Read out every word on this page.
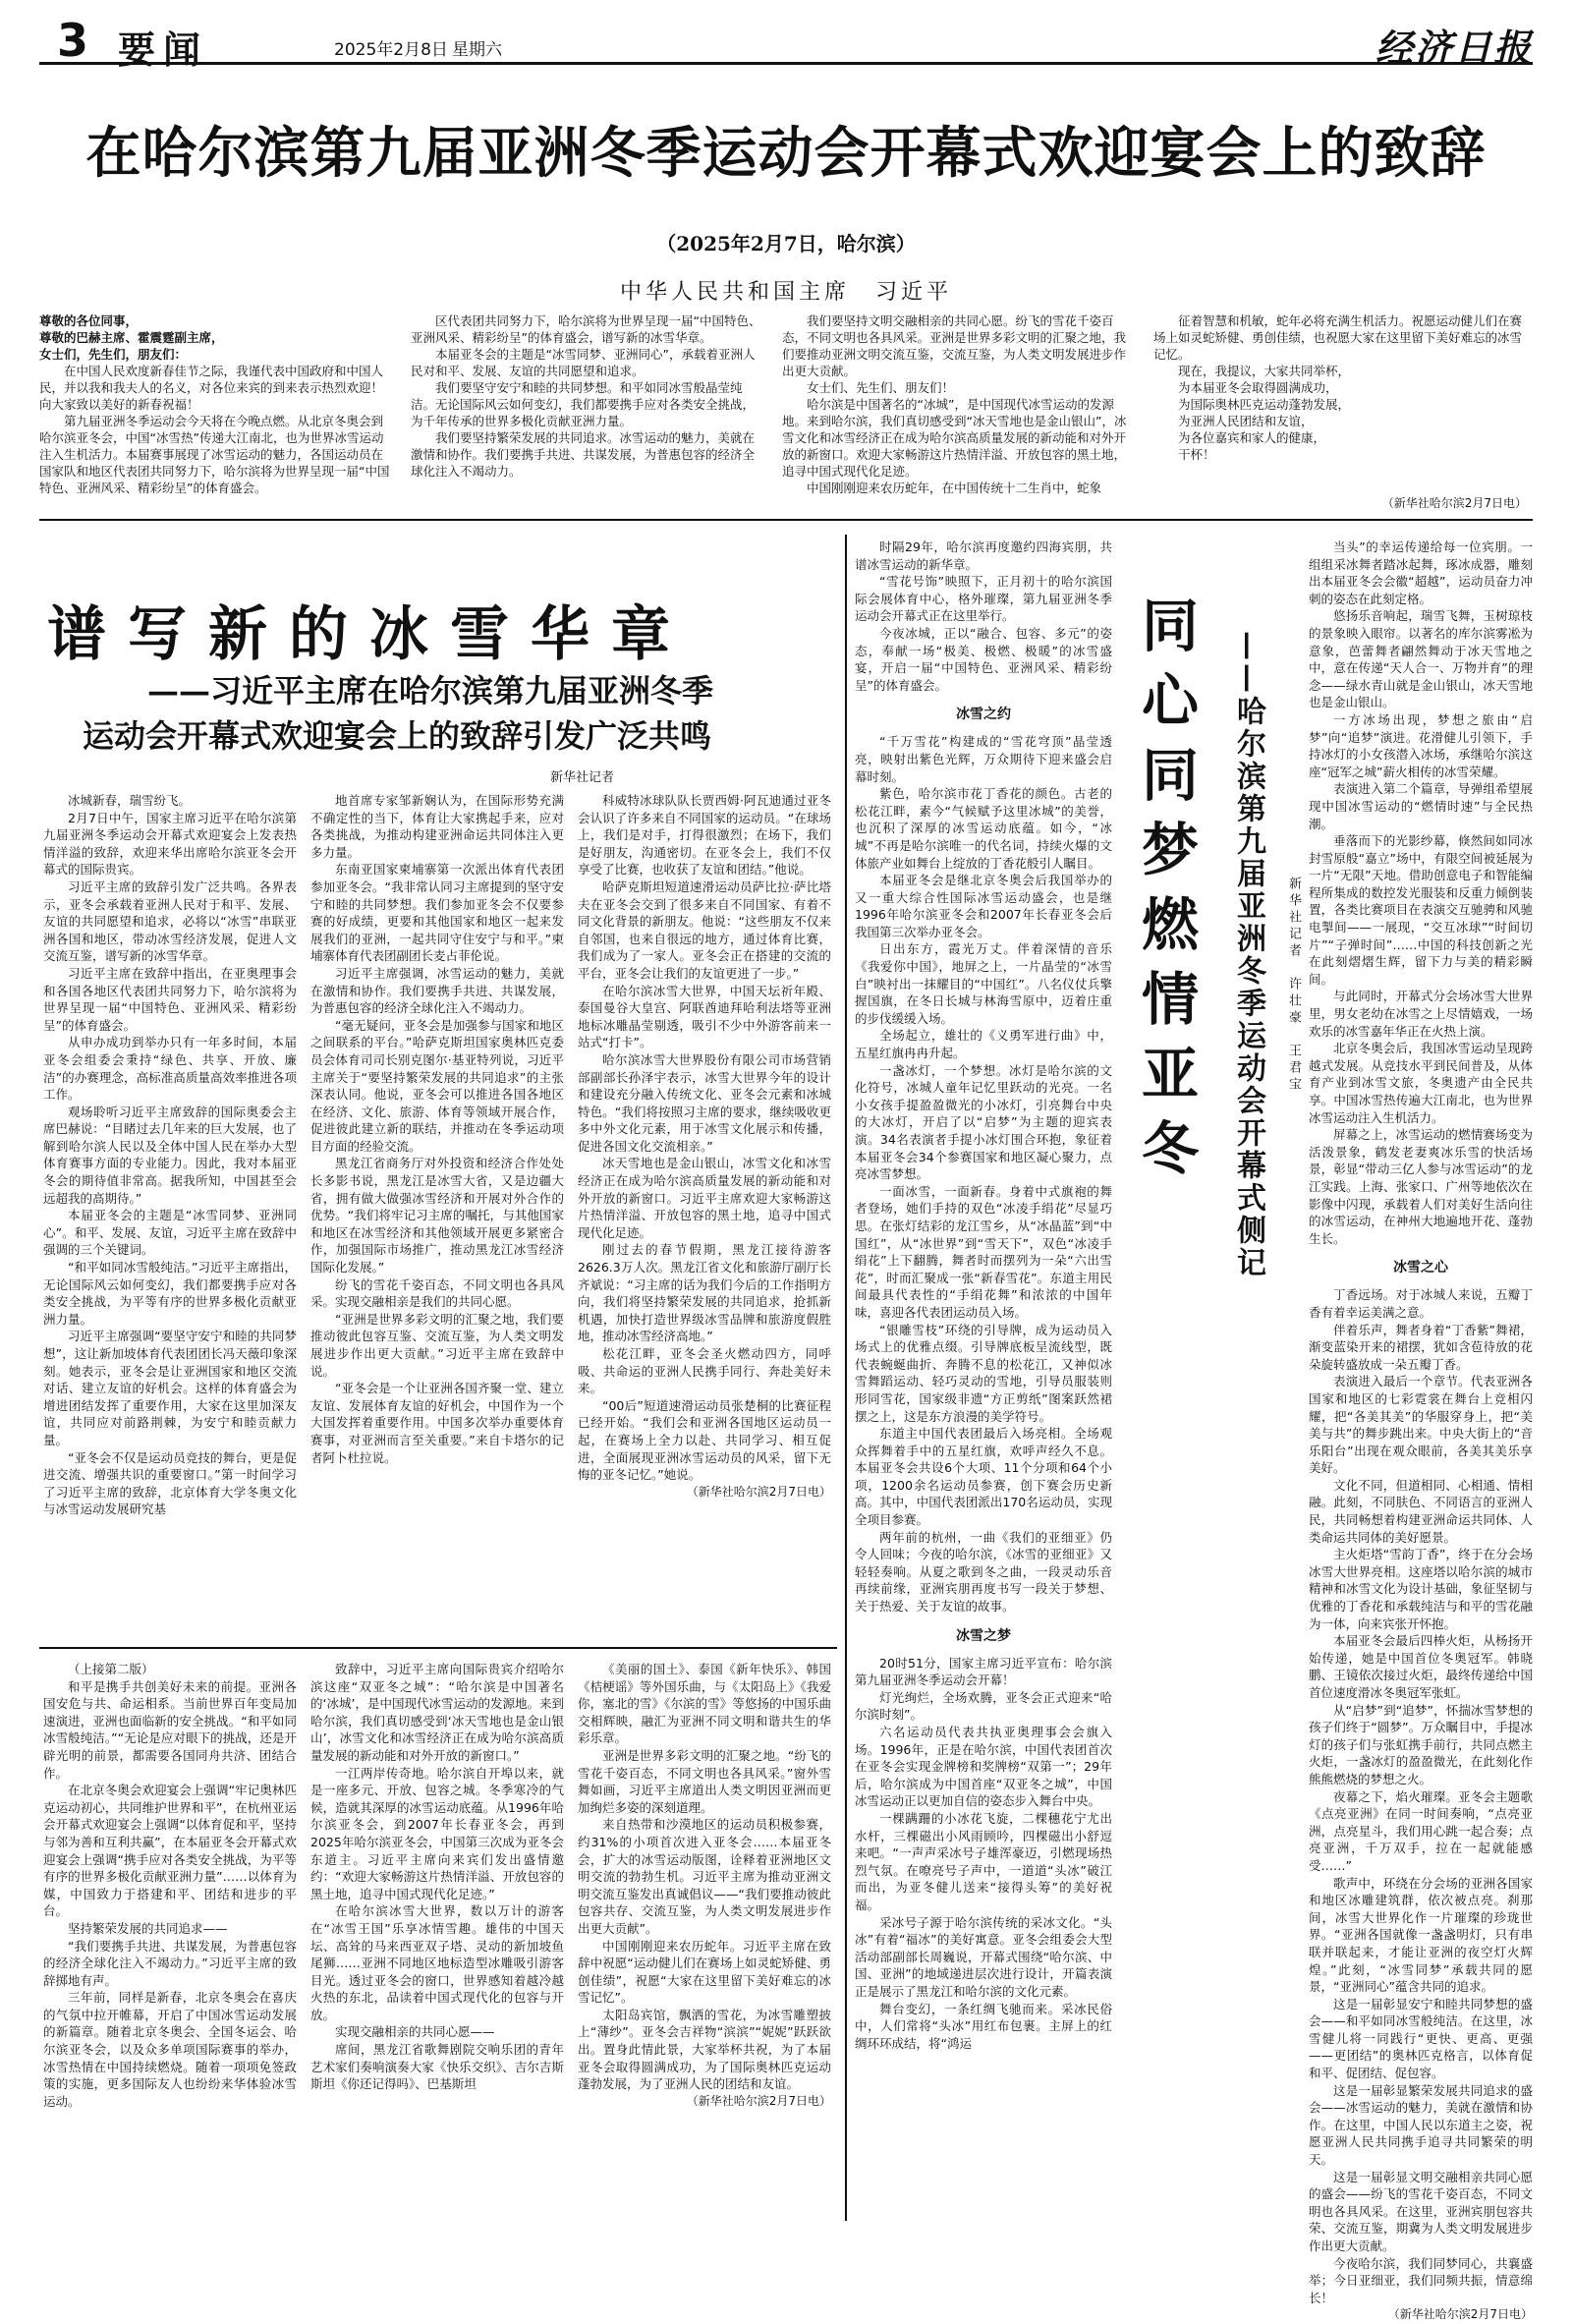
3 要闻	2025年2月8日 星期六	经济日报
在哈尔滨第九届亚洲冬季运动会开幕式欢迎宴会上的致辞
（2025年2月7日，哈尔滨）
中华人民共和国主席　习近平

尊敬的各位同事，

尊敬的巴赫主席、霍震霆副主席，

女士们，先生们，朋友们：

在中国人民欢度新春佳节之际，我谨代表中国政府和中国人民，并以我和我夫人的名义，对各位来宾的到来表示热烈欢迎！向大家致以美好的新春祝福！

第九届亚洲冬季运动会今天将在今晚点燃。从北京冬奥会到哈尔滨亚冬会，中国“冰雪热”传递大江南北，也为世界冰雪运动注入生机活力。本届赛事展现了冰雪运动的魅力，各国运动员在国家队和地区代表团共同努力下，哈尔滨将为世界呈现一届“中国特色、亚洲风采、精彩纷呈”的体育盛会。

区代表团共同努力下，哈尔滨将为世界呈现一届“中国特色、亚洲风采、精彩纷呈”的体育盛会，谱写新的冰雪华章。

本届亚冬会的主题是“冰雪同梦、亚洲同心”，承载着亚洲人民对和平、发展、友谊的共同愿望和追求。

我们要坚守安宁和睦的共同梦想。和平如同冰雪般晶莹纯洁。无论国际风云如何变幻，我们都要携手应对各类安全挑战，为千年传承的世界多极化贡献亚洲力量。

我们要坚持繁荣发展的共同追求。冰雪运动的魅力，美就在激情和协作。我们要携手共进、共谋发展，为普惠包容的经济全球化注入不竭动力。

我们要坚持文明交融相亲的共同心愿。纷飞的雪花千姿百态，不同文明也各具风采。亚洲是世界多彩文明的汇聚之地，我们要推动亚洲文明交流互鉴，交流互鉴，为人类文明发展进步作出更大贡献。

女士们、先生们、朋友们！

哈尔滨是中国著名的“冰城”，是中国现代冰雪运动的发源地。来到哈尔滨，我们真切感受到“冰天雪地也是金山银山”，冰雪文化和冰雪经济正在成为哈尔滨高质量发展的新动能和对外开放的新窗口。欢迎大家畅游这片热情洋溢、开放包容的黑土地，追寻中国式现代化足迹。

中国刚刚迎来农历蛇年，在中国传统十二生肖中，蛇象

征着智慧和机敏，蛇年必将充满生机活力。祝愿运动健儿们在赛场上如灵蛇矫健、勇创佳绩，也祝愿大家在这里留下美好难忘的冰雪记忆。

现在，我提议，大家共同举杯，

为本届亚冬会取得圆满成功，

为国际奥林匹克运动蓬勃发展，

为亚洲人民团结和友谊，

为各位嘉宾和家人的健康，

干杯！

（新华社哈尔滨2月7日电）
谱写新的冰雪华章
——习近平主席在哈尔滨第九届亚洲冬季
运动会开幕式欢迎宴会上的致辞引发广泛共鸣
新华社记者

冰城新春，瑞雪纷飞。

2月7日中午，国家主席习近平在哈尔滨第九届亚洲冬季运动会开幕式欢迎宴会上发表热情洋溢的致辞，欢迎来华出席哈尔滨亚冬会开幕式的国际贵宾。

习近平主席的致辞引发广泛共鸣。各界表示，亚冬会承载着亚洲人民对于和平、发展、友谊的共同愿望和追求，必将以“冰雪”串联亚洲各国和地区，带动冰雪经济发展，促进人文交流互鉴，谱写新的冰雪华章。

习近平主席在致辞中指出，在亚奥理事会和各国各地区代表团共同努力下，哈尔滨将为世界呈现一届“中国特色、亚洲风采、精彩纷呈”的体育盛会。

从申办成功到举办只有一年多时间，本届亚冬会组委会秉持“绿色、共享、开放、廉洁”的办赛理念，高标准高质量高效率推进各项工作。

观场聆听习近平主席致辞的国际奥委会主席巴赫说：“目睹过去几年来的巨大发展，也了解到哈尔滨人民以及全体中国人民在举办大型体育赛事方面的专业能力。因此，我对本届亚冬会的期待值非常高。据我所知，中国甚至会远超我的高期待。”

本届亚冬会的主题是“冰雪同梦、亚洲同心”。和平、发展、友谊，习近平主席在致辞中强调的三个关键词。

“和平如同冰雪般纯洁。”习近平主席指出，无论国际风云如何变幻，我们都要携手应对各类安全挑战，为平等有序的世界多极化贡献亚洲力量。

习近平主席强调“要坚守安宁和睦的共同梦想”，这让新加坡体育代表团团长冯天薇印象深刻。她表示，亚冬会是让亚洲国家和地区交流对话、建立友谊的好机会。这样的体育盛会为增进团结发挥了重要作用，大家在这里加深友谊，共同应对前路荆棘，为安宁和睦贡献力量。

“亚冬会不仅是运动员竞技的舞台，更是促进交流、增强共识的重要窗口。”第一时间学习了习近平主席的致辞，北京体育大学冬奥文化与冰雪运动发展研究基

地首席专家邹新娴认为，在国际形势充满不确定性的当下，体育让大家携起手来，应对各类挑战，为推动构建亚洲命运共同体注入更多力量。

东南亚国家柬埔寨第一次派出体育代表团参加亚冬会。“我非常认同习主席提到的坚守安宁和睦的共同梦想。我们参加亚冬会不仅要参赛的好成绩，更要和其他国家和地区一起来发展我们的亚洲，一起共同守住安宁与和平。”柬埔寨体育代表团副团长麦占菲伦说。

习近平主席强调，冰雪运动的魅力，美就在激情和协作。我们要携手共进、共谋发展，为普惠包容的经济全球化注入不竭动力。

“毫无疑问，亚冬会是加强参与国家和地区之间联系的平台。”哈萨克斯坦国家奥林匹克委员会体育司司长别克图尔·基亚特列说，习近平主席关于“要坚持繁荣发展的共同追求”的主张深表认同。他说，亚冬会可以推进各国各地区在经济、文化、旅游、体育等领域开展合作，促进彼此建立新的联结，并推动在冬季运动项目方面的经验交流。

黑龙江省商务厅对外投资和经济合作处处长多影书说，黑龙江是冰雪大省，又是边疆大省，拥有做大做强冰雪经济和开展对外合作的优势。“我们将牢记习主席的嘱托，与其他国家和地区在冰雪经济和其他领域开展更多紧密合作，加强国际市场推广，推动黑龙江冰雪经济国际化发展。”

纷飞的雪花千姿百态，不同文明也各具风采。实现交融相亲是我们的共同心愿。

“亚洲是世界多彩文明的汇聚之地，我们要推动彼此包容互鉴、交流互鉴，为人类文明发展进步作出更大贡献。”习近平主席在致辞中说。

“亚冬会是一个让亚洲各国齐聚一堂、建立友谊、发展体育友谊的好机会，中国作为一个大国发挥着重要作用。中国多次举办重要体育赛事，对亚洲而言至关重要。”来自卡塔尔的记者阿卜杜拉说。

科威特冰球队队长贾西姆·阿瓦迪通过亚冬会认识了许多来自不同国家的运动员。“在球场上，我们是对手，打得很激烈；在场下，我们是好朋友，沟通密切。在亚冬会上，我们不仅享受了比赛，也收获了友谊和团结。”他说。

哈萨克斯坦短道速滑运动员萨比拉·萨比塔夫在亚冬会交到了很多来自不同国家、有着不同文化背景的新朋友。他说：“这些朋友不仅来自邻国，也来自很远的地方，通过体育比赛，我们成为了一家人。亚冬会正在搭建的交流的平台，亚冬会让我们的友谊更进了一步。”

在哈尔滨冰雪大世界，中国天坛祈年殿、泰国曼谷大皇宫、阿联酋迪拜哈利法塔等亚洲地标冰雕晶莹剔透，吸引不少中外游客前来一站式“打卡”。

哈尔滨冰雪大世界股份有限公司市场营销部副部长孙泽宇表示，冰雪大世界今年的设计和建设充分融入传统文化、亚冬会元素和冰城特色。“我们将按照习主席的要求，继续吸收更多中外文化元素，用于冰雪文化展示和传播，促进各国文化交流相亲。”

冰天雪地也是金山银山，冰雪文化和冰雪经济正在成为哈尔滨高质量发展的新动能和对外开放的新窗口。习近平主席欢迎大家畅游这片热情洋溢、开放包容的黑土地，追寻中国式现代化足迹。

刚过去的春节假期，黑龙江接待游客2626.3万人次。黑龙江省文化和旅游厅副厅长齐斌说：“习主席的话为我们今后的工作指明方向，我们将坚持繁荣发展的共同追求，抢抓新机遇，加快打造世界级冰雪品牌和旅游度假胜地，推动冰雪经济高地。”

松花江畔，亚冬会圣火燃动四方，同呼吸、共命运的亚洲人民携手同行、奔赴美好未来。

“00后”短道速滑运动员张楚桐的比赛征程已经开始。“我们会和亚洲各国地区运动员一起，在赛场上全力以赴、共同学习、相互促进，全面展现亚洲冰雪运动员的风采，留下无悔的亚冬记忆。”她说。

（新华社哈尔滨2月7日电）

（上接第二版）

和平是携手共创美好未来的前提。亚洲各国安危与共、命运相系。当前世界百年变局加速演进，亚洲也面临新的安全挑战。“和平如同冰雪般纯洁。”“无论是应对眼下的挑战，还是开辟光明的前景，都需要各国同舟共济、团结合作。

在北京冬奥会欢迎宴会上强调“牢记奥林匹克运动初心，共同维护世界和平”，在杭州亚运会开幕式欢迎宴会上强调“以体育促和平，坚持与邻为善和互利共赢”，在本届亚冬会开幕式欢迎宴会上强调“携手应对各类安全挑战，为平等有序的世界多极化贡献亚洲力量”……以体育为媒，中国致力于搭建和平、团结和进步的平台。

坚持繁荣发展的共同追求——

“我们要携手共进、共谋发展，为普惠包容的经济全球化注入不竭动力。”习近平主席的致辞掷地有声。

三年前，同样是新春，北京冬奥会在喜庆的气氛中拉开帷幕，开启了中国冰雪运动发展的新篇章。随着北京冬奥会、全国冬运会、哈尔滨亚冬会，以及众多单项国际赛事的举办，冰雪热情在中国持续燃烧。随着一项项免签政策的实施，更多国际友人也纷纷来华体验冰雪运动。

致辞中，习近平主席向国际贵宾介绍哈尔滨这座“双亚冬之城”：“哈尔滨是中国著名的‘冰城’，是中国现代冰雪运动的发源地。来到哈尔滨，我们真切感受到‘冰天雪地也是金山银山’，冰雪文化和冰雪经济正在成为哈尔滨高质量发展的新动能和对外开放的新窗口。”

一江两岸传奇地。哈尔滨自开埠以来，就是一座多元、开放、包容之城。冬季寒冷的气候，造就其深厚的冰雪运动底蕴。从1996年哈尔滨亚冬会，到2007年长春亚冬会，再到2025年哈尔滨亚冬会，中国第三次成为亚冬会东道主。习近平主席向来宾们发出盛情邀约：“欢迎大家畅游这片热情洋溢、开放包容的黑土地，追寻中国式现代化足迹。”

在哈尔滨冰雪大世界，数以万计的游客在“冰雪王国”乐享冰情雪趣。雄伟的中国天坛、高耸的马来西亚双子塔、灵动的新加坡鱼尾狮……亚洲不同地区地标造型冰雕吸引游客目光。透过亚冬会的窗口，世界感知着越冷越火热的东北，品读着中国式现代化的包容与开放。

实现交融相亲的共同心愿——

席间，黑龙江省歌舞剧院交响乐团的青年艺术家们奏响演奏大家《快乐交织》、吉尔吉斯斯坦《你还记得吗》、巴基斯坦

《美丽的国土》、泰国《新年快乐》、韩国《桔梗谣》等外国乐曲，与《太阳岛上》《我爱你，塞北的雪》《尔滨的雪》等悠扬的中国乐曲交相辉映，融汇为亚洲不同文明和谐共生的华彩乐章。

亚洲是世界多彩文明的汇聚之地。“纷飞的雪花千姿百态，不同文明也各具风采。”窗外雪舞如画，习近平主席道出人类文明因亚洲而更加绚烂多姿的深刻道理。

来自热带和沙漠地区的运动员积极参赛，约31%的小项首次进入亚冬会……本届亚冬会，扩大的冰雪运动版图，诠释着亚洲地区文明交流的勃勃生机。习近平主席为推动亚洲文明交流互鉴发出真诚倡议——“我们要推动彼此包容共存、交流互鉴，为人类文明发展进步作出更大贡献”。

中国刚刚迎来农历蛇年。习近平主席在致辞中祝愿“运动健儿们在赛场上如灵蛇矫健、勇创佳绩”，祝愿“大家在这里留下美好难忘的冰雪记忆”。

太阳岛宾馆，飘洒的雪花，为冰雪雕塑披上“薄纱”。亚冬会吉祥物“滨滨”“妮妮”跃跃欲出。置身此情此景，大家举杯共祝，为了本届亚冬会取得圆满成功，为了国际奥林匹克运动蓬勃发展，为了亚洲人民的团结和友谊。

（新华社哈尔滨2月7日电）

同心同梦燃情亚冬	——哈尔滨第九届亚洲冬季运动会开幕式侧记	新华社记者　许壮豪　王君宝

时隔29年，哈尔滨再度邀约四海宾朋，共谱冰雪运动的新华章。

“雪花号饰”映照下，正月初十的哈尔滨国际会展体育中心，格外璀璨，第九届亚洲冬季运动会开幕式正在这里举行。

今夜冰城，正以“融合、包容、多元”的姿态，奉献一场“极美、极燃、极暖”的冰雪盛宴，开启一届“中国特色、亚洲风采、精彩纷呈”的体育盛会。

冰雪之约

“千万雪花”构建成的“雪花穹顶”晶莹透亮，映射出紫色光辉，万众期待下迎来盛会启幕时刻。

紫色，哈尔滨市花丁香花的颜色。古老的松花江畔，素今“气候赋予这里冰城”的美誉，也沉积了深厚的冰雪运动底蕴。如今，“冰城”不再是哈尔滨唯一的代名词，持续火爆的文体旅产业如舞台上绽放的丁香花般引人瞩目。

本届亚冬会是继北京冬奥会后我国举办的又一重大综合性国际冰雪运动盛会，也是继1996年哈尔滨亚冬会和2007年长春亚冬会后我国第三次举办亚冬会。

日出东方，霞光万丈。伴着深情的音乐《我爱你中国》，地屏之上，一片晶莹的“冰雪白”映衬出一抹耀目的“中国红”。八名仪仗兵擎握国旗，在冬日长城与林海雪原中，迈着庄重的步伐缓缓入场。

全场起立，雄壮的《义勇军进行曲》中，五星红旗冉冉升起。

一盏冰灯，一个梦想。冰灯是哈尔滨的文化符号，冰城人童年记忆里跃动的光亮。一名小女孩手提盈盈微光的小冰灯，引亮舞台中央的大冰灯，开启了以“启梦”为主题的迎宾表演。34名表演者手提小冰灯围合环抱，象征着本届亚冬会34个参赛国家和地区凝心聚力，点亮冰雪梦想。

一面冰雪，一面新春。身着中式旗袍的舞者登场，她们手持的双色“冰凌手绢花”尽显巧思。在张灯结彩的龙江雪乡，从“冰晶蓝”到“中国红”，从“冰世界”到“雪天下”，双色“冰凌手绢花”上下翻腾，舞者时而摆列为一朵“六出雪花”，时而汇聚成一张“新春雪花”。东道主用民间最具代表性的“手绢花舞”和浓浓的中国年味，喜迎各代表团运动员入场。

“银雕雪枝”环绕的引导牌，成为运动员入场式上的优雅点缀。引导牌底板呈流线型，既代表蜿蜒曲折、奔腾不息的松花江，又神似冰雪舞蹈运动、轻巧灵动的雪地，引导员服装则形同雪花，国家级非遗“方正剪纸”图案跃然裙摆之上，这是东方浪漫的美学符号。

东道主中国代表团最后入场亮相。全场观众挥舞着手中的五星红旗，欢呼声经久不息。本届亚冬会共设6个大项、11个分项和64个小项，1200余名运动员参赛，创下赛会历史新高。其中，中国代表团派出170名运动员，实现全项目参赛。

两年前的杭州，一曲《我们的亚细亚》仍令人回味；今夜的哈尔滨，《冰雪的亚细亚》又轻轻奏响。从夏之歌到冬之曲，一段灵动乐音再续前缘，亚洲宾朋再度书写一段关于梦想、关于热爱、关于友谊的故事。

冰雪之梦

20时51分，国家主席习近平宣布：哈尔滨第九届亚洲冬季运动会开幕！

灯光绚烂，全场欢腾，亚冬会正式迎来“哈尔滨时刻”。

六名运动员代表共执亚奥理事会会旗入场。1996年，正是在哈尔滨，中国代表团首次在亚冬会实现金牌榜和奖牌榜“双第一”；29年后，哈尔滨成为中国首座“双亚冬之城”，中国冰雪运动正以更加自信的姿态步入舞台中央。

一棵蹒跚的小冰花飞旋，二棵穗花宁尤出水杆，三棵磁出小风雨顾吟，四棵磁出小舒逗来吧。“一声声采冰号子雄浑豪迈，引燃现场热烈气氛。在嘹亮号子声中，一道道“头冰”破江而出，为亚冬健儿送来“接得头筹”的美好祝福。

采冰号子源于哈尔滨传统的采冰文化。“头冰”有着“福冰”的美好寓意。亚冬会组委会大型活动部副部长周巍说，开幕式围绕“哈尔滨、中国、亚洲”的地域递进层次进行设计，开篇表演正是展示了黑龙江和哈尔滨的文化元素。

舞台变幻，一条红绸飞驰而来。采冰民俗中，人们常将“头冰”用红布包裹。主屏上的红绸环环成结，将“鸿运

当头”的幸运传递给每一位宾朋。一组组采冰舞者踏冰起舞，琢冰成器，雕刻出本届亚冬会会徽“超越”，运动员奋力冲刺的姿态在此刻定格。

悠扬乐音响起，瑞雪飞舞，玉树琼枝的景象映入眼帘。以著名的库尔滨雾凇为意象，芭蕾舞者翩然舞动于冰天雪地之中，意在传递“天人合一、万物并育”的理念——绿水青山就是金山银山，冰天雪地也是金山银山。

一方冰场出现，梦想之旅由“启梦”向“追梦”演进。花滑健儿引领下，手持冰灯的小女孩潜入冰场，承继哈尔滨这座“冠军之城”薪火相传的冰雪荣耀。

表演进入第二个篇章，导弹组希望展现中国冰雪运动的“燃情时速”与全民热潮。

垂落而下的光影纱幕，倏然间如同冰封雪原般“嘉立”场中，有限空间被延展为一片“无限”天地。借助创意电子和智能编程所集成的数控发光服装和反重力倾倒装置，各类比赛项目在表演交互驰骋和风驰电掣间——一展现，“交互冰球”“时间切片”“子弹时间”……中国的科技创新之光在此刻熠熠生辉，留下力与美的精彩瞬间。

与此同时，开幕式分会场冰雪大世界里，男女老幼在冰雪之上尽情嬉戏，一场欢乐的冰雪嘉年华正在火热上演。

北京冬奥会后，我国冰雪运动呈现跨越式发展。从竞技水平到民间普及，从体育产业到冰雪文旅，冬奥遗产由全民共享。中国冰雪热传遍大江南北，也为世界冰雪运动注入生机活力。

屏幕之上，冰雪运动的燃情赛场变为活泼景象，鹤发老妻爽冰乐雪的快活场景，彰显“带动三亿人参与冰雪运动”的龙江实践。上海、张家口、广州等地依次在影像中闪现，承载着人们对美好生活向往的冰雪运动，在神州大地遍地开花、蓬勃生长。

冰雪之心

丁香远场。对于冰城人来说，五瓣丁香有着幸运美满之意。

伴着乐声，舞者身着“丁香紫”舞裙，渐变蓝染开来的裙摆，犹如含苞待放的花朵旋转盛放成一朵五瓣丁香。

表演进入最后一个章节。代表亚洲各国家和地区的七彩霓裳在舞台上竞相闪耀，把“各美其美”的华服穿身上，把“美美与共”的舞步跳出来。中央大街上的“音乐阳台”出现在观众眼前，各美其美乐享美好。

文化不同，但道相同、心相通、情相融。此刻，不同肤色、不同语言的亚洲人民，共同畅想着构建亚洲命运共同体、人类命运共同体的美好愿景。

主火炬塔“雪韵丁香”，终于在分会场冰雪大世界亮相。这座塔以哈尔滨的城市精神和冰雪文化为设计基础，象征坚韧与优雅的丁香花和承载纯洁与和平的雪花融为一体，向来宾张开怀抱。

本届亚冬会最后四棒火炬，从杨扬开始传递，她是中国首位冬奥冠军。韩晓鹏、王镜依次接过火炬，最终传递给中国首位速度滑冰冬奥冠军张虹。

从“启梦”到“追梦”，怀揣冰雪梦想的孩子们终于“圆梦”。万众瞩目中，手提冰灯的孩子们与张虹携手前行，共同点燃主火炬，一盏冰灯的盈盈微光，在此刻化作熊熊燃烧的梦想之火。

夜幕之下，焰火璀璨。亚冬会主题歌《点亮亚洲》在同一时间奏响，“点亮亚洲，点亮星斗，我们用心跳一起合奏；点亮亚洲，千万双手，拉在一起就能感受……”

歌声中，环绕在分会场的亚洲各国家和地区冰雕建筑群，依次被点亮。刹那间，冰雪大世界化作一片璀璨的珍珑世界。“亚洲各国就像一盏盏明灯，只有串联并联起来，才能让亚洲的夜空灯火辉煌。”此刻，“冰雪同梦”承载共同的愿景，“亚洲同心”蕴含共同的追求。

这是一届彰显安宁和睦共同梦想的盛会——和平如同冰雪般纯洁。在这里，冰雪健儿将一同践行“更快、更高、更强——更团结”的奥林匹克格言，以体育促和平、促团结、促包容。

这是一届彰显繁荣发展共同追求的盛会——冰雪运动的魅力，美就在激情和协作。在这里，中国人民以东道主之姿，祝愿亚洲人民共同携手追寻共同繁荣的明天。

这是一届彰显文明交融相亲共同心愿的盛会——纷飞的雪花千姿百态，不同文明也各具风采。在这里，亚洲宾朋包容共荣、交流互鉴，期冀为人类文明发展进步作出更大贡献。

今夜哈尔滨，我们同梦同心，共襄盛举；今日亚细亚，我们同频共振，情意绵长！

（新华社哈尔滨2月7日电）
